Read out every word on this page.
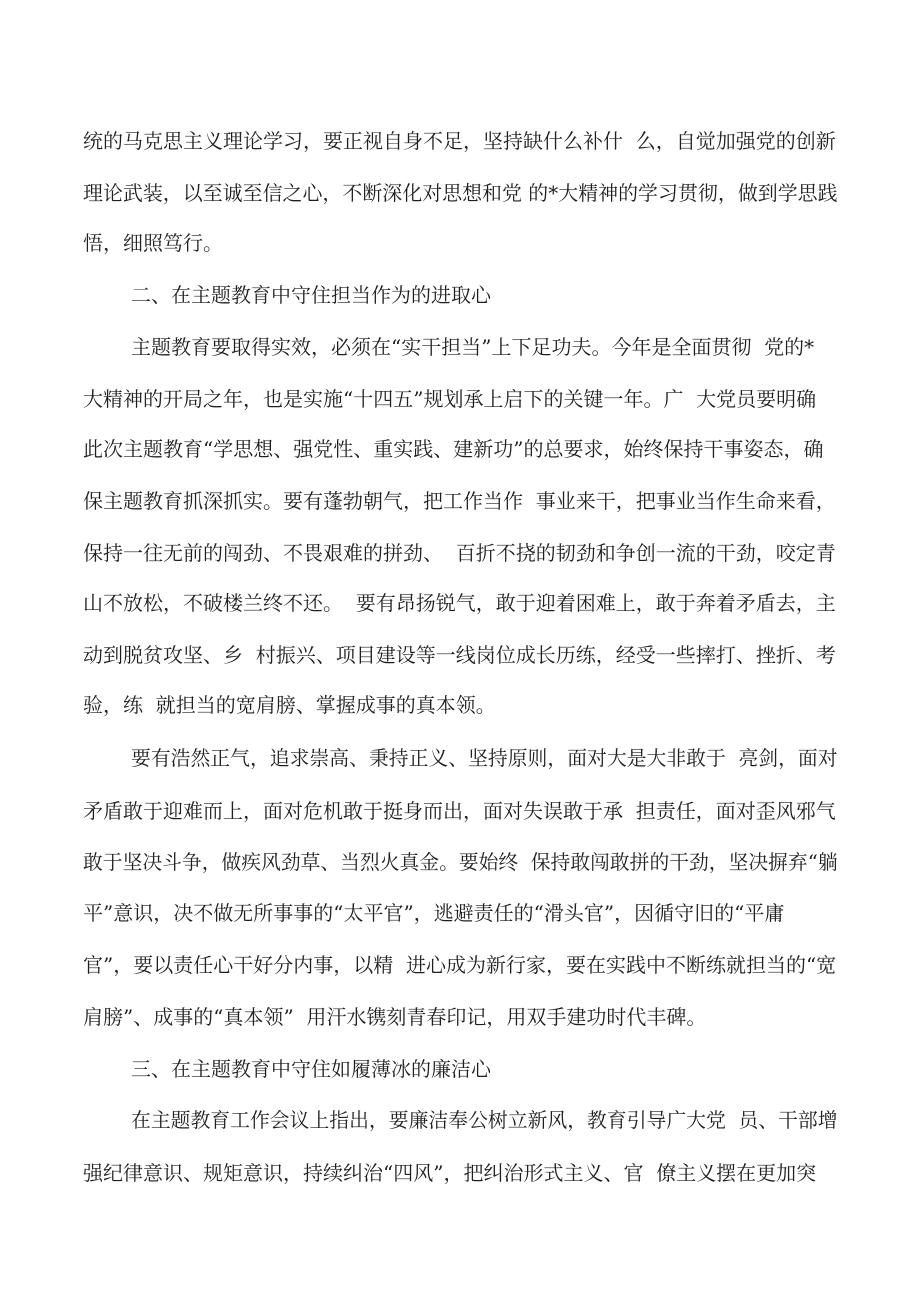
统的马克思主义理论学习，要正视自身不足，坚持缺什么补什  么，自觉加强党的创新
理论武装，以至诚至信之心，不断深化对思想和党 的*大精神的学习贯彻，做到学思践
悟，细照笃行。
二、在主题教育中守住担当作为的进取心
主题教育要取得实效，必须在“实干担当”上下足功夫。今年是全面贯彻  党的*
大精神的开局之年，也是实施“十四五”规划承上启下的关键一年。广  大党员要明确
此次主题教育“学思想、强党性、重实践、建新功”的总要求，始终保持干事姿态，确
保主题教育抓深抓实。要有蓬勃朝气，把工作当作  事业来干，把事业当作生命来看，
保持一往无前的闯劲、不畏艰难的拼劲、  百折不挠的韧劲和争创一流的干劲，咬定青
山不放松，不破楼兰终不还。  要有昂扬锐气，敢于迎着困难上，敢于奔着矛盾去，主
动到脱贫攻坚、乡  村振兴、项目建设等一线岗位成长历练，经受一些摔打、挫折、考
验，练  就担当的宽肩膀、掌握成事的真本领。
要有浩然正气，追求崇高、秉持正义、坚持原则，面对大是大非敢于  亮剑，面对
矛盾敢于迎难而上，面对危机敢于挺身而出，面对失误敢于承  担责任，面对歪风邪气
敢于坚决斗争，做疾风劲草、当烈火真金。要始终  保持敢闯敢拼的干劲，坚决摒弃“躺
平”意识，决不做无所事事的“太平官”，逃避责任的“滑头官”，因循守旧的“平庸
官”，要以责任心干好分内事，以精  进心成为新行家，要在实践中不断练就担当的“宽
肩膀”、成事的“真本领”  用汗水镌刻青春印记，用双手建功时代丰碑。
三、在主题教育中守住如履薄冰的廉洁心
在主题教育工作会议上指出，要廉洁奉公树立新风，教育引导广大党  员、干部增
强纪律意识、规矩意识，持续纠治“四风”，把纠治形式主义、官  僚主义摆在更加突
